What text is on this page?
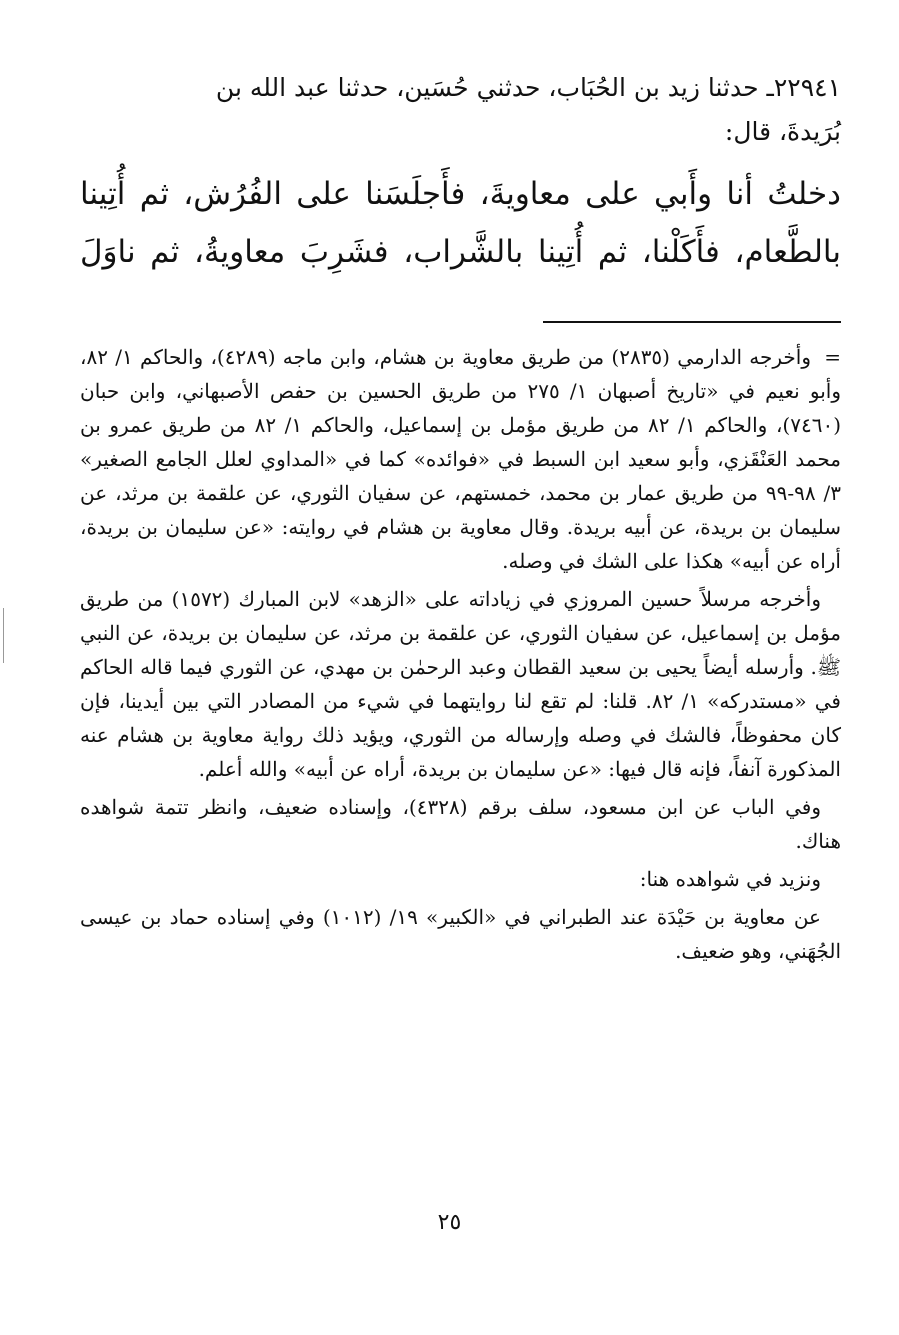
٢٢٩٤١ـ حدثنا زيد بن الحُبَاب، حدثني حُسَين، حدثنا عبد الله بن

بُرَيدةَ، قال:

دخلتُ أنا وأَبي على معاويةَ، فأَجلَسَنا على الفُرُش، ثم أُتِينا

بالطَّعام، فأَكَلْنا، ثم أُتِينا بالشَّراب، فشَرِبَ معاويةُ، ثم ناوَلَ

=وأخرجه الدارمي (٢٨٣٥) من طريق معاوية بن هشام، وابن ماجه (٤٢٨٩)، والحاكم ١/ ٨٢، وأبو نعيم في «تاريخ أصبهان ١/ ٢٧٥ من طريق الحسين بن حفص الأصبهاني، وابن حبان (٧٤٦٠)، والحاكم ١/ ٨٢ من طريق مؤمل بن إسماعيل، والحاكم ١/ ٨٢ من طريق عمرو بن محمد العَنْقَزي، وأبو سعيد ابن السبط في «فوائده» كما في «المداوي لعلل الجامع الصغير» ٣/ ٩٨-٩٩ من طريق عمار بن محمد، خمستهم، عن سفيان الثوري، عن علقمة بن مرثد، عن سليمان بن بريدة، عن أبيه بريدة. وقال معاوية بن هشام في روايته: «عن سليمان بن بريدة، أراه عن أبيه» هكذا على الشك في وصله.

وأخرجه مرسلاً حسين المروزي في زياداته على «الزهد» لابن المبارك (١٥٧٢) من طريق مؤمل بن إسماعيل، عن سفيان الثوري، عن علقمة بن مرثد، عن سليمان بن بريدة، عن النبي ﷺ. وأرسله أيضاً يحيى بن سعيد القطان وعبد الرحمٰن بن مهدي، عن الثوري فيما قاله الحاكم في «مستدركه» ١/ ٨٢. قلنا: لم تقع لنا روايتهما في شيء من المصادر التي بين أيدينا، فإن كان محفوظاً، فالشك في وصله وإرساله من الثوري، ويؤيد ذلك رواية معاوية بن هشام عنه المذكورة آنفاً، فإنه قال فيها: «عن سليمان بن بريدة، أراه عن أبيه» والله أعلم.

وفي الباب عن ابن مسعود، سلف برقم (٤٣٢٨)، وإسناده ضعيف، وانظر تتمة شواهده هناك.

ونزيد في شواهده هنا:

عن معاوية بن حَيْدَة عند الطبراني في «الكبير» ١٩/ (١٠١٢) وفي إسناده حماد بن عيسى الجُهَني، وهو ضعيف.

٢٥
